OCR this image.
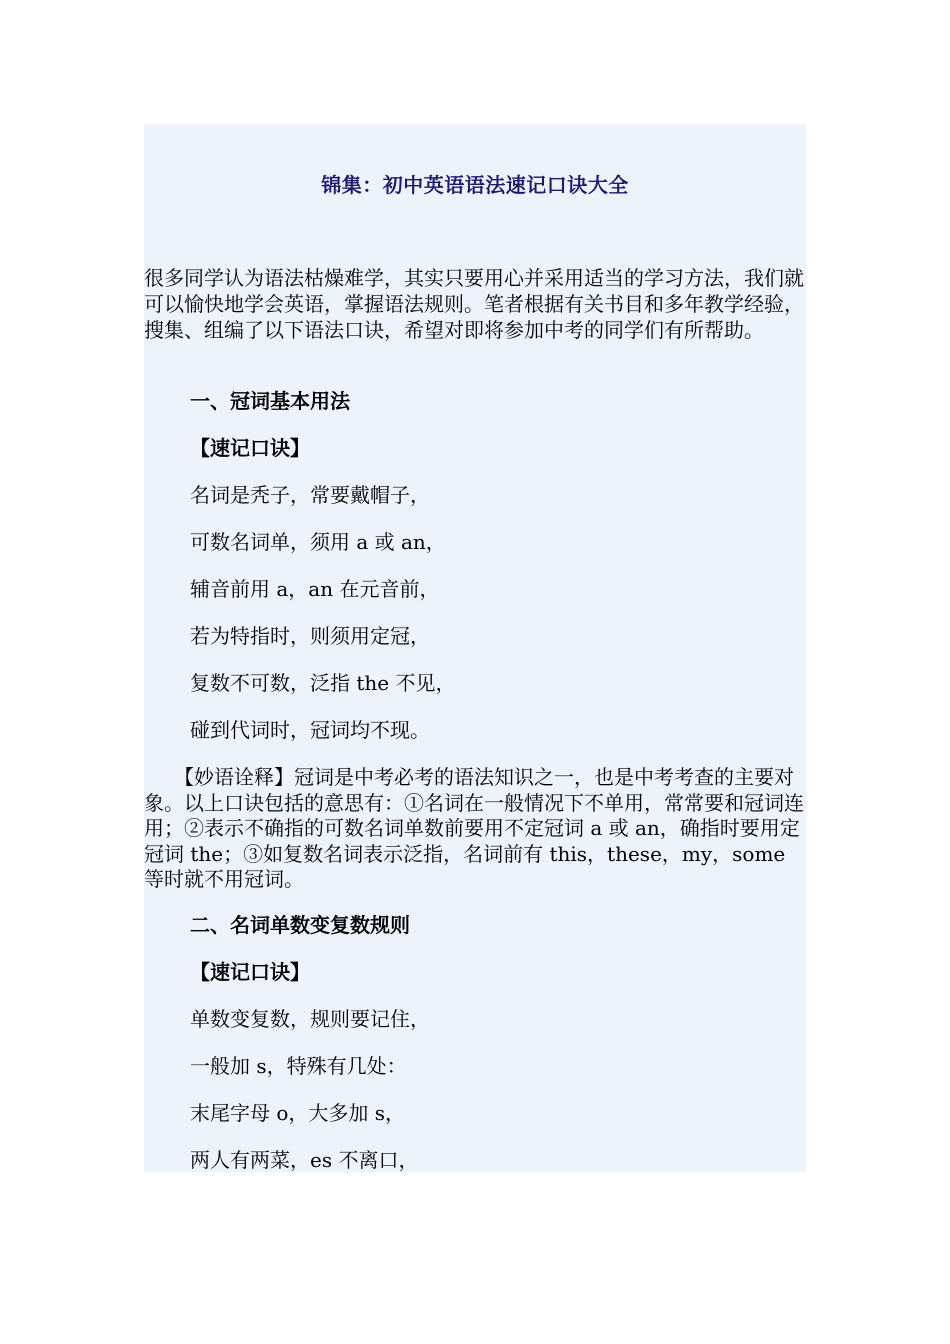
锦集：初中英语语法速记口诀大全

很多同学认为语法枯燥难学，其实只要用心并采用适当的学习方法，我们就可以愉快地学会英语，掌握语法规则。笔者根据有关书目和多年教学经验，搜集、组编了以下语法口诀，希望对即将参加中考的同学们有所帮助。

一、冠词基本用法
【速记口诀】
名词是秃子，常要戴帽子，
可数名词单，须用 a 或 an，
辅音前用 a，an 在元音前，
若为特指时，则须用定冠，
复数不可数，泛指 the 不见，
碰到代词时，冠词均不现。

　　【妙语诠释】冠词是中考必考的语法知识之一，也是中考考查的主要对象。以上口诀包括的意思有：①名词在一般情况下不单用，常常要和冠词连用；②表示不确指的可数名词单数前要用不定冠词 a 或 an，确指时要用定冠词 the；③如复数名词表示泛指，名词前有 this，these，my，some 等时就不用冠词。

二、名词单数变复数规则
【速记口诀】
单数变复数，规则要记住，
一般加 s，特殊有几处：
末尾字母 o，大多加 s，
两人有两菜，es 不离口，
